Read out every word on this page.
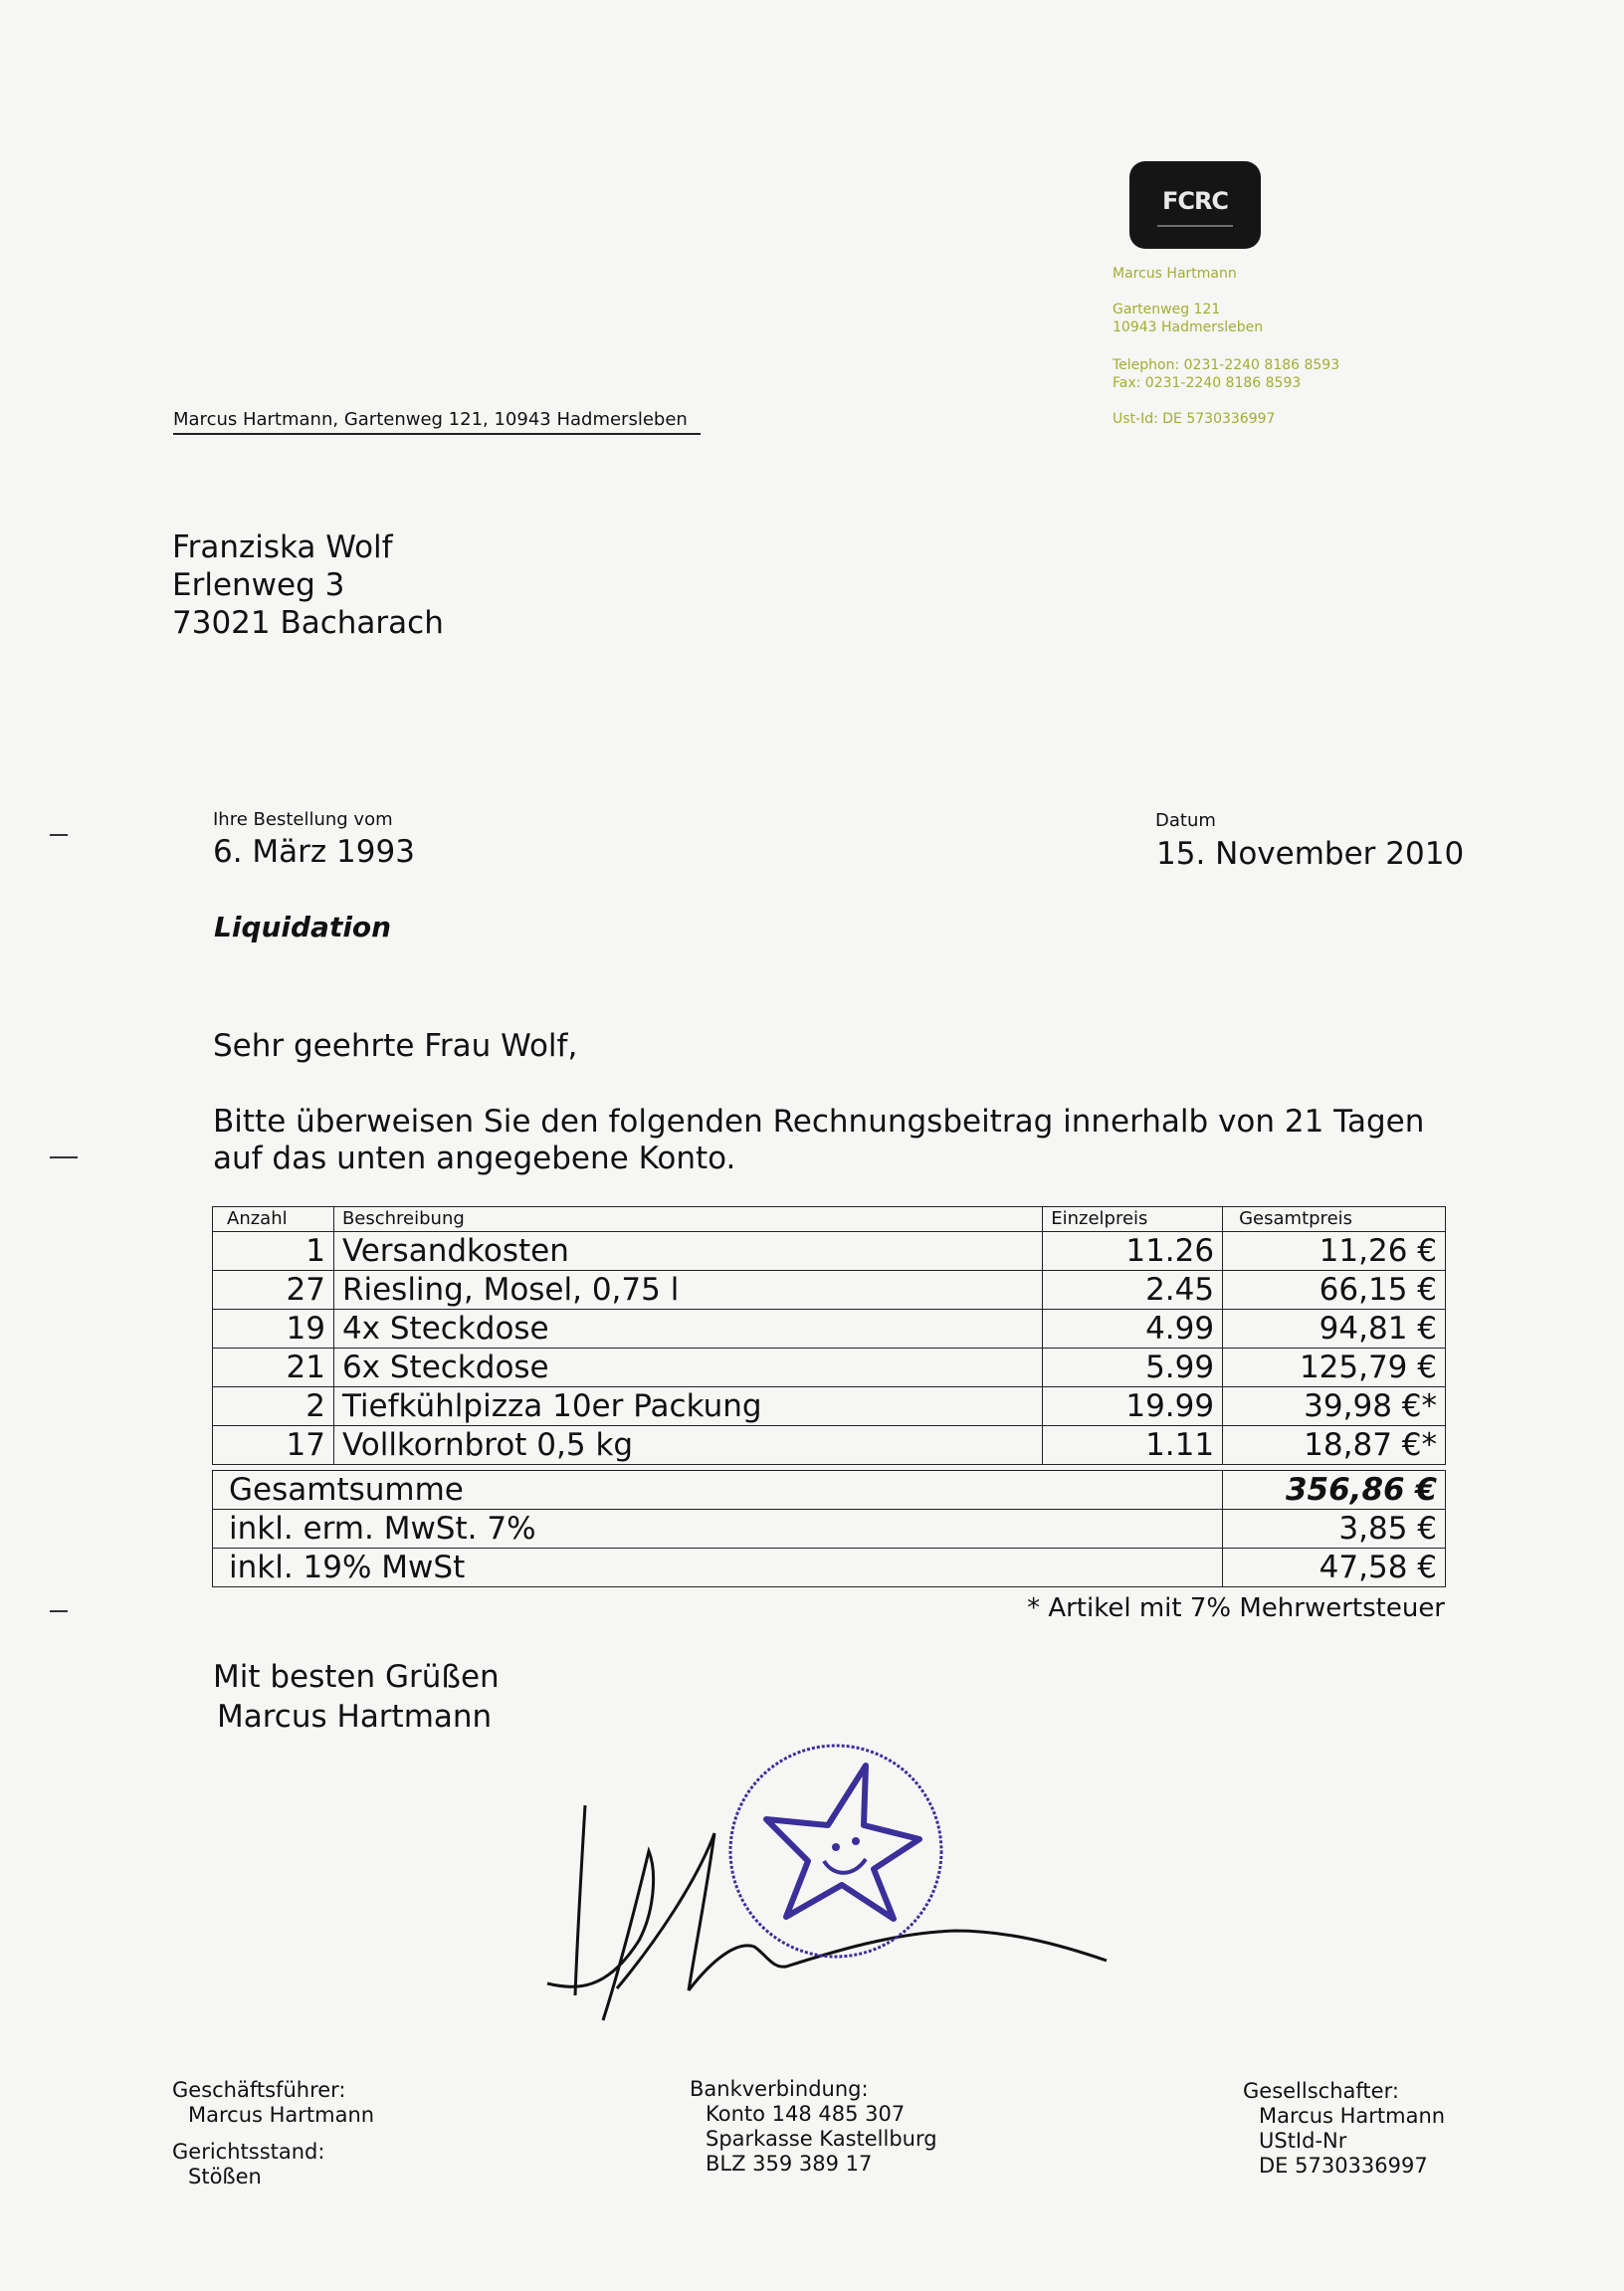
FCRC
Marcus Hartmann
Gartenweg 121
10943 Hadmersleben
Telephon: 0231-2240 8186 8593
Fax: 0231-2240 8186 8593
Ust-Id: DE 5730336997
Marcus Hartmann, Gartenweg 121, 10943 Hadmersleben
Franziska Wolf
Erlenweg 3
73021 Bacharach
Ihre Bestellung vom
6. März 1993
Datum
15. November 2010
Liquidation
Sehr geehrte Frau Wolf,
Bitte überweisen Sie den folgenden Rechnungsbeitrag innerhalb von 21 Tagen
auf das unten angegebene Konto.
Anzahl	Beschreibung	Einzelpreis	Gesamtpreis
1	Versandkosten	11.26	11,26 €
27	Riesling, Mosel, 0,75 l	2.45	66,15 €
19	4x Steckdose	4.99	94,81 €
21	6x Steckdose	5.99	125,79 €
2	Tiefkühlpizza 10er Packung	19.99	39,98 €*
17	Vollkornbrot 0,5 kg	1.11	18,87 €*
Gesamtsumme	356,86 €
inkl. erm. MwSt. 7%	3,85 €
inkl. 19% MwSt	47,58 €
* Artikel mit 7% Mehrwertsteuer
Mit besten Grüßen
Marcus Hartmann
Geschäftsführer:
Marcus Hartmann
Gerichtsstand:
Stößen
Bankverbindung:
Konto 148 485 307
Sparkasse Kastellburg
BLZ 359 389 17
Gesellschafter:
Marcus Hartmann
UStId-Nr
DE 5730336997
